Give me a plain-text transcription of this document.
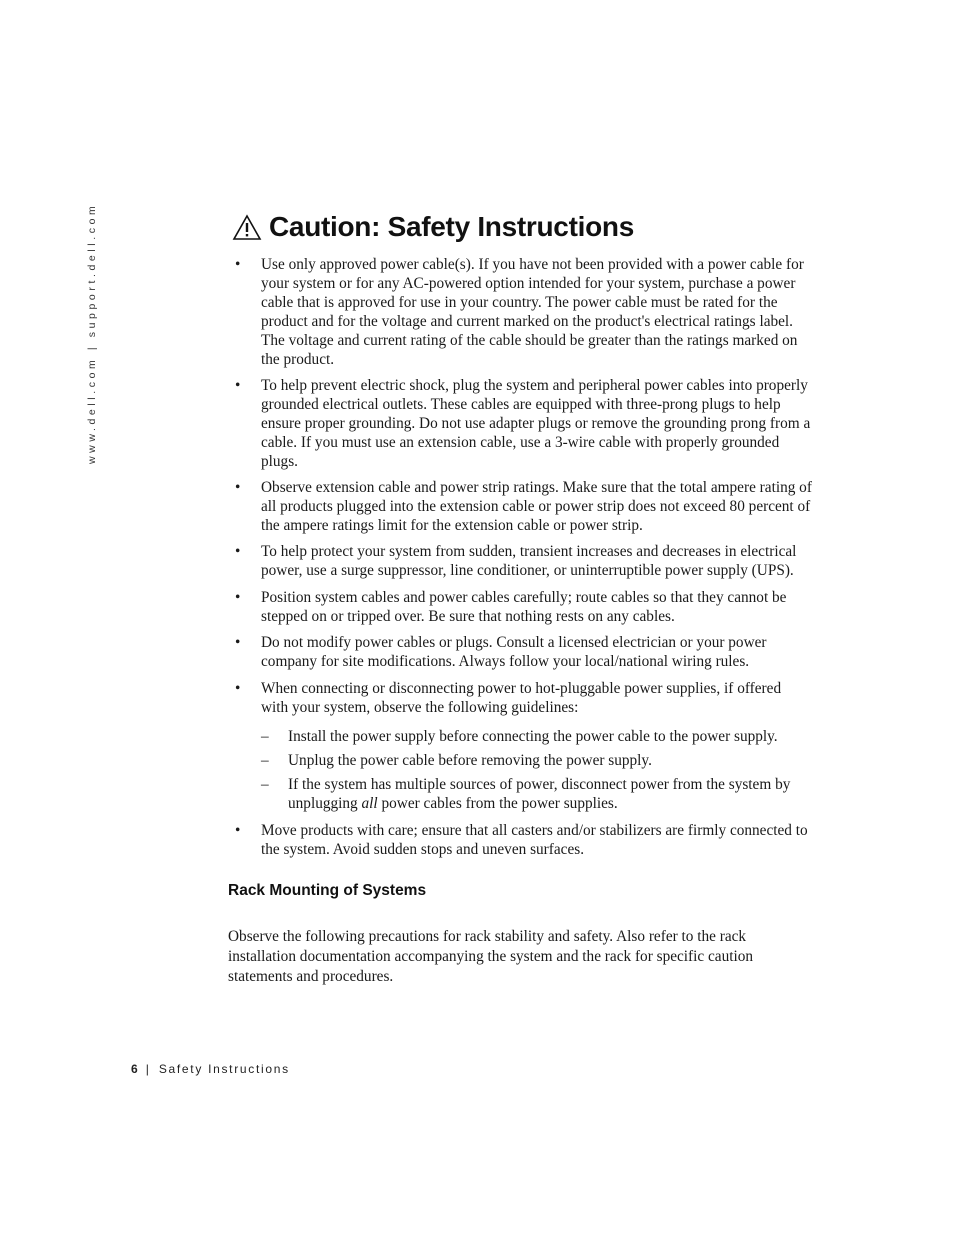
www.dell.com | support.dell.com	Caution: Safety Instructions
• Use only approved power cable(s). If you have not been provided with a power cable for your system or for any AC-powered option intended for your system, purchase a power cable that is approved for use in your country. The power cable must be rated for the product and for the voltage and current marked on the product's electrical ratings label. The voltage and current rating of the cable should be greater than the ratings marked on the product.
• To help prevent electric shock, plug the system and peripheral power cables into properly grounded electrical outlets. These cables are equipped with three-prong plugs to help ensure proper grounding. Do not use adapter plugs or remove the grounding prong from a cable. If you must use an extension cable, use a 3-wire cable with properly grounded plugs.
• Observe extension cable and power strip ratings. Make sure that the total ampere rating of all products plugged into the extension cable or power strip does not exceed 80 percent of the ampere ratings limit for the extension cable or power strip.
• To help protect your system from sudden, transient increases and decreases in electrical power, use a surge suppressor, line conditioner, or uninterruptible power supply (UPS).
• Position system cables and power cables carefully; route cables so that they cannot be stepped on or tripped over. Be sure that nothing rests on any cables.
• Do not modify power cables or plugs. Consult a licensed electrician or your power company for site modifications. Always follow your local/national wiring rules.
• When connecting or disconnecting power to hot-pluggable power supplies, if offered with your system, observe the following guidelines:
– Install the power supply before connecting the power cable to the power supply.
– Unplug the power cable before removing the power supply.
– If the system has multiple sources of power, disconnect power from the system by unplugging all power cables from the power supplies.
• Move products with care; ensure that all casters and/or stabilizers are firmly connected to the system. Avoid sudden stops and uneven surfaces.
Rack Mounting of Systems

Observe the following precautions for rack stability and safety. Also refer to the rack installation documentation accompanying the system and the rack for specific caution statements and procedures.

6 | Safety Instructions
